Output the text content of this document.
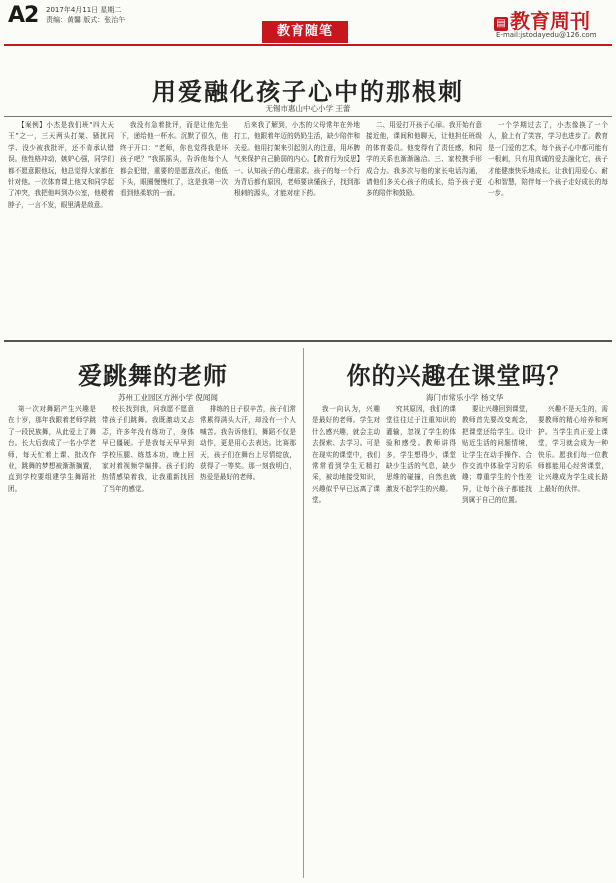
A2 2017年4月11日 星期二
责编：黄馨 版式：张治午
教育随笔
▤ 教育周刊
E-mail:jstodayedu@126.com
用爱融化孩子心中的那根刺
无锡市惠山中心小学 王蕾
【案例】小杰是我们班“四大天王”之一，三天两头打架、骚扰同学、没少被我批评，还不肯承认错误。他性格冲动，嫉妒心强，同学们都不愿意跟他玩，他总觉得大家都在针对他。一次体育课上他又和同学起了冲突，我把他叫到办公室，他梗着脖子，一言不发，眼里满是敌意。
我没有急着批评，而是让他先坐下，递给他一杯水。沉默了很久，他终于开口：“老师，你也觉得我是坏孩子吧？”我摇摇头，告诉他每个人都会犯错，重要的是愿意改正。他低下头，眼圈慢慢红了，这是我第一次看到他柔软的一面。
后来我了解到，小杰的父母常年在外地打工，他跟着年迈的奶奶生活，缺少陪伴和关爱。他用打架来引起别人的注意，用坏脾气来保护自己脆弱的内心。【教育行为反思】一、认知孩子的心理需求。孩子的每一个行为背后都有原因，老师要读懂孩子，找到那根刺的源头，才能对症下药。
二、用爱打开孩子心扉。我开始有意接近他，课间和他聊天，让他担任班级的体育委员。他变得有了责任感，和同学的关系也渐渐融洽。三、家校携手形成合力。我多次与他的家长电话沟通，请他们多关心孩子的成长，给予孩子更多的陪伴和鼓励。
一个学期过去了，小杰像换了一个人，脸上有了笑容，学习也进步了。教育是一门爱的艺术，每个孩子心中都可能有一根刺，只有用真诚的爱去融化它，孩子才能健康快乐地成长。让我们用爱心、耐心和智慧，陪伴每一个孩子走好成长的每一步。
爱跳舞的老师
苏州工业园区方洲小学 倪闻闻
第一次对舞蹈产生兴趣是在十岁，那年我跟着老师学跳了一段民族舞，从此爱上了舞台。长大后我成了一名小学老师，每天忙着上课、批改作业，跳舞的梦想被渐渐搁置，直到学校要组建学生舞蹈社团。
校长找到我，问我愿不愿意带孩子们跳舞。我既激动又忐忑，许多年没有练功了，身体早已僵硬。于是我每天早早到学校压腿、练基本功，晚上回家对着视频学编排。孩子们的热情感染着我，让我重新找回了当年的感觉。
排练的日子很辛苦，孩子们常常累得满头大汗，却没有一个人喊苦。我告诉他们，舞蹈不仅是动作，更是用心去表达。比赛那天，孩子们在舞台上尽情绽放，获得了一等奖。那一刻我明白，热爱是最好的老师。
你的兴趣在课堂吗？
海门市常乐小学 杨文华
我一向认为，兴趣是最好的老师。学生对什么感兴趣，就会主动去探索、去学习。可是在现实的课堂中，我们常常看到学生无精打采，被动地接受知识，兴趣似乎早已远离了课堂。
究其原因，我们的课堂往往过于注重知识的灌输，忽视了学生的体验和感受。教师讲得多，学生想得少，课堂缺少生活的气息，缺少思维的碰撞，自然也就激发不起学生的兴趣。
要让兴趣回到课堂，教师首先要改变观念，把课堂还给学生。设计贴近生活的问题情境，让学生在动手操作、合作交流中体验学习的乐趣；尊重学生的个性差异，让每个孩子都能找到属于自己的位置。
兴趣不是天生的，需要教师的精心培养和呵护。当学生真正爱上课堂，学习就会成为一种快乐。愿我们每一位教师都能用心经营课堂，让兴趣成为学生成长路上最好的伙伴。
